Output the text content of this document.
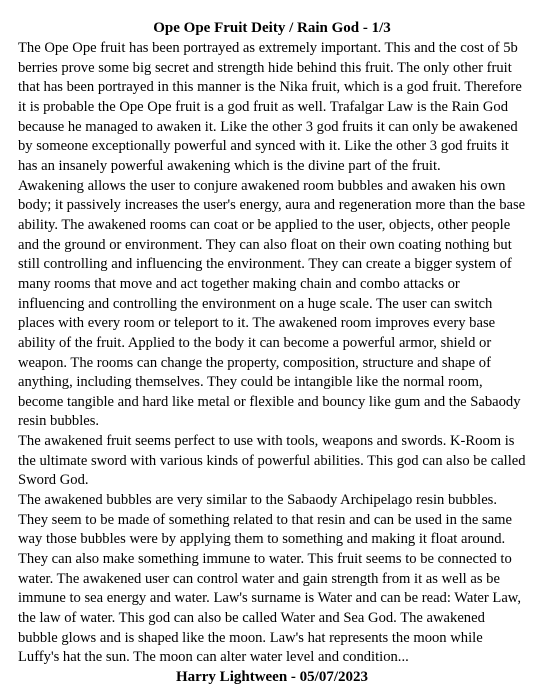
Ope Ope Fruit Deity / Rain God - 1/3

The Ope Ope fruit has been portrayed as extremely important. This and the cost of 5b berries prove some big secret and strength hide behind this fruit. The only other fruit that has been portrayed in this manner is the Nika fruit, which is a god fruit. Therefore it is probable the Ope Ope fruit is a god fruit as well. Trafalgar Law is the Rain God because he managed to awaken it. Like the other 3 god fruits it can only be awakened by someone exceptionally powerful and synced with it. Like the other 3 god fruits it has an insanely powerful awakening which is the divine part of the fruit.

Awakening allows the user to conjure awakened room bubbles and awaken his own body; it passively increases the user's energy, aura and regeneration more than the base ability. The awakened rooms can coat or be applied to the user, objects, other people and the ground or environment. They can also float on their own coating nothing but still controlling and influencing the environment. They can create a bigger system of many rooms that move and act together making chain and combo attacks or influencing and controlling the environment on a huge scale. The user can switch places with every room or teleport to it. The awakened room improves every base ability of the fruit. Applied to the body it can become a powerful armor, shield or weapon. The rooms can change the property, composition, structure and shape of anything, including themselves. They could be intangible like the normal room, become tangible and hard like metal or flexible and bouncy like gum and the Sabaody resin bubbles.

The awakened fruit seems perfect to use with tools, weapons and swords. K-Room is the ultimate sword with various kinds of powerful abilities. This god can also be called Sword God.

The awakened bubbles are very similar to the Sabaody Archipelago resin bubbles. They seem to be made of something related to that resin and can be used in the same way those bubbles were by applying them to something and making it float around. They can also make something immune to water. This fruit seems to be connected to water. The awakened user can control water and gain strength from it as well as be immune to sea energy and water. Law's surname is Water and can be read: Water Law, the law of water. This god can also be called Water and Sea God. The awakened bubble glows and is shaped like the moon. Law's hat represents the moon while Luffy's hat the sun. The moon can alter water level and condition...

Harry Lightween - 05/07/2023
